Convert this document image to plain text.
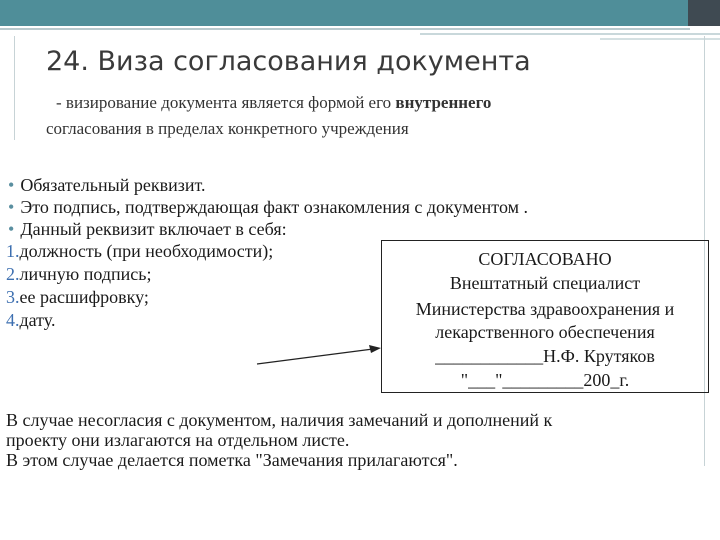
24. Виза согласования документа

- визирование документа является формой его внутреннего
согласования в пределах конкретного учреждения

• Обязательный реквизит.
• Это подпись, подтверждающая факт ознакомления с документом .
• Данный реквизит включает в себя:
1.должность (при необходимости);
2.личную подпись;
3.ее расшифровку;
4.дату.
СОГЛАСОВАНО
Внештатный специалист
Министерства здравоохранения и
лекарственного обеспечения
____________Н.Ф. Крутяков
"___"_________200_г.

В случае несогласия с документом, наличия замечаний и дополнений к
проекту они излагаются на отдельном листе.
В этом случае делается пометка "Замечания прилагаются".
